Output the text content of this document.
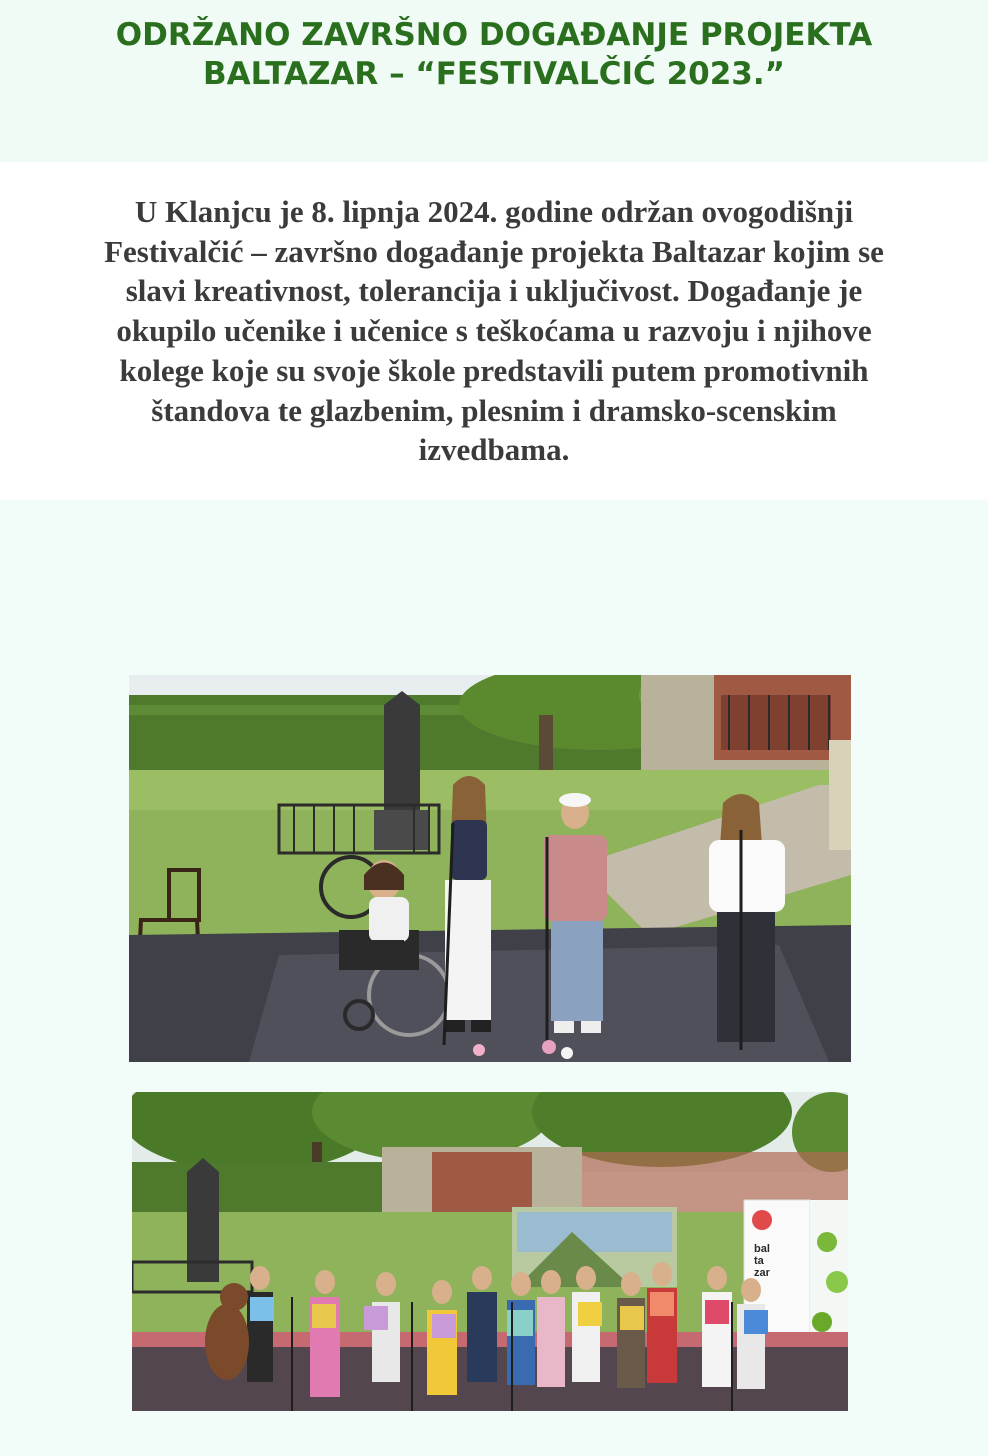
ODRŽANO ZAVRŠNO DOGAĐANJE PROJEKTA
BALTAZAR – “FESTIVALČIĆ 2023.”

U Klanjcu je 8. lipnja 2024. godine održan ovogodišnji
Festivalčić – završno događanje projekta Baltazar kojim se
slavi kreativnost, tolerancija i uključivost. Događanje je
okupilo učenike i učenice s teškoćama u razvoju i njihove
kolege koje su svoje škole predstavili putem promotivnih
štandova te glazbenim, plesnim i dramsko-scenskim
izvedbama.

bal
ta
zar
